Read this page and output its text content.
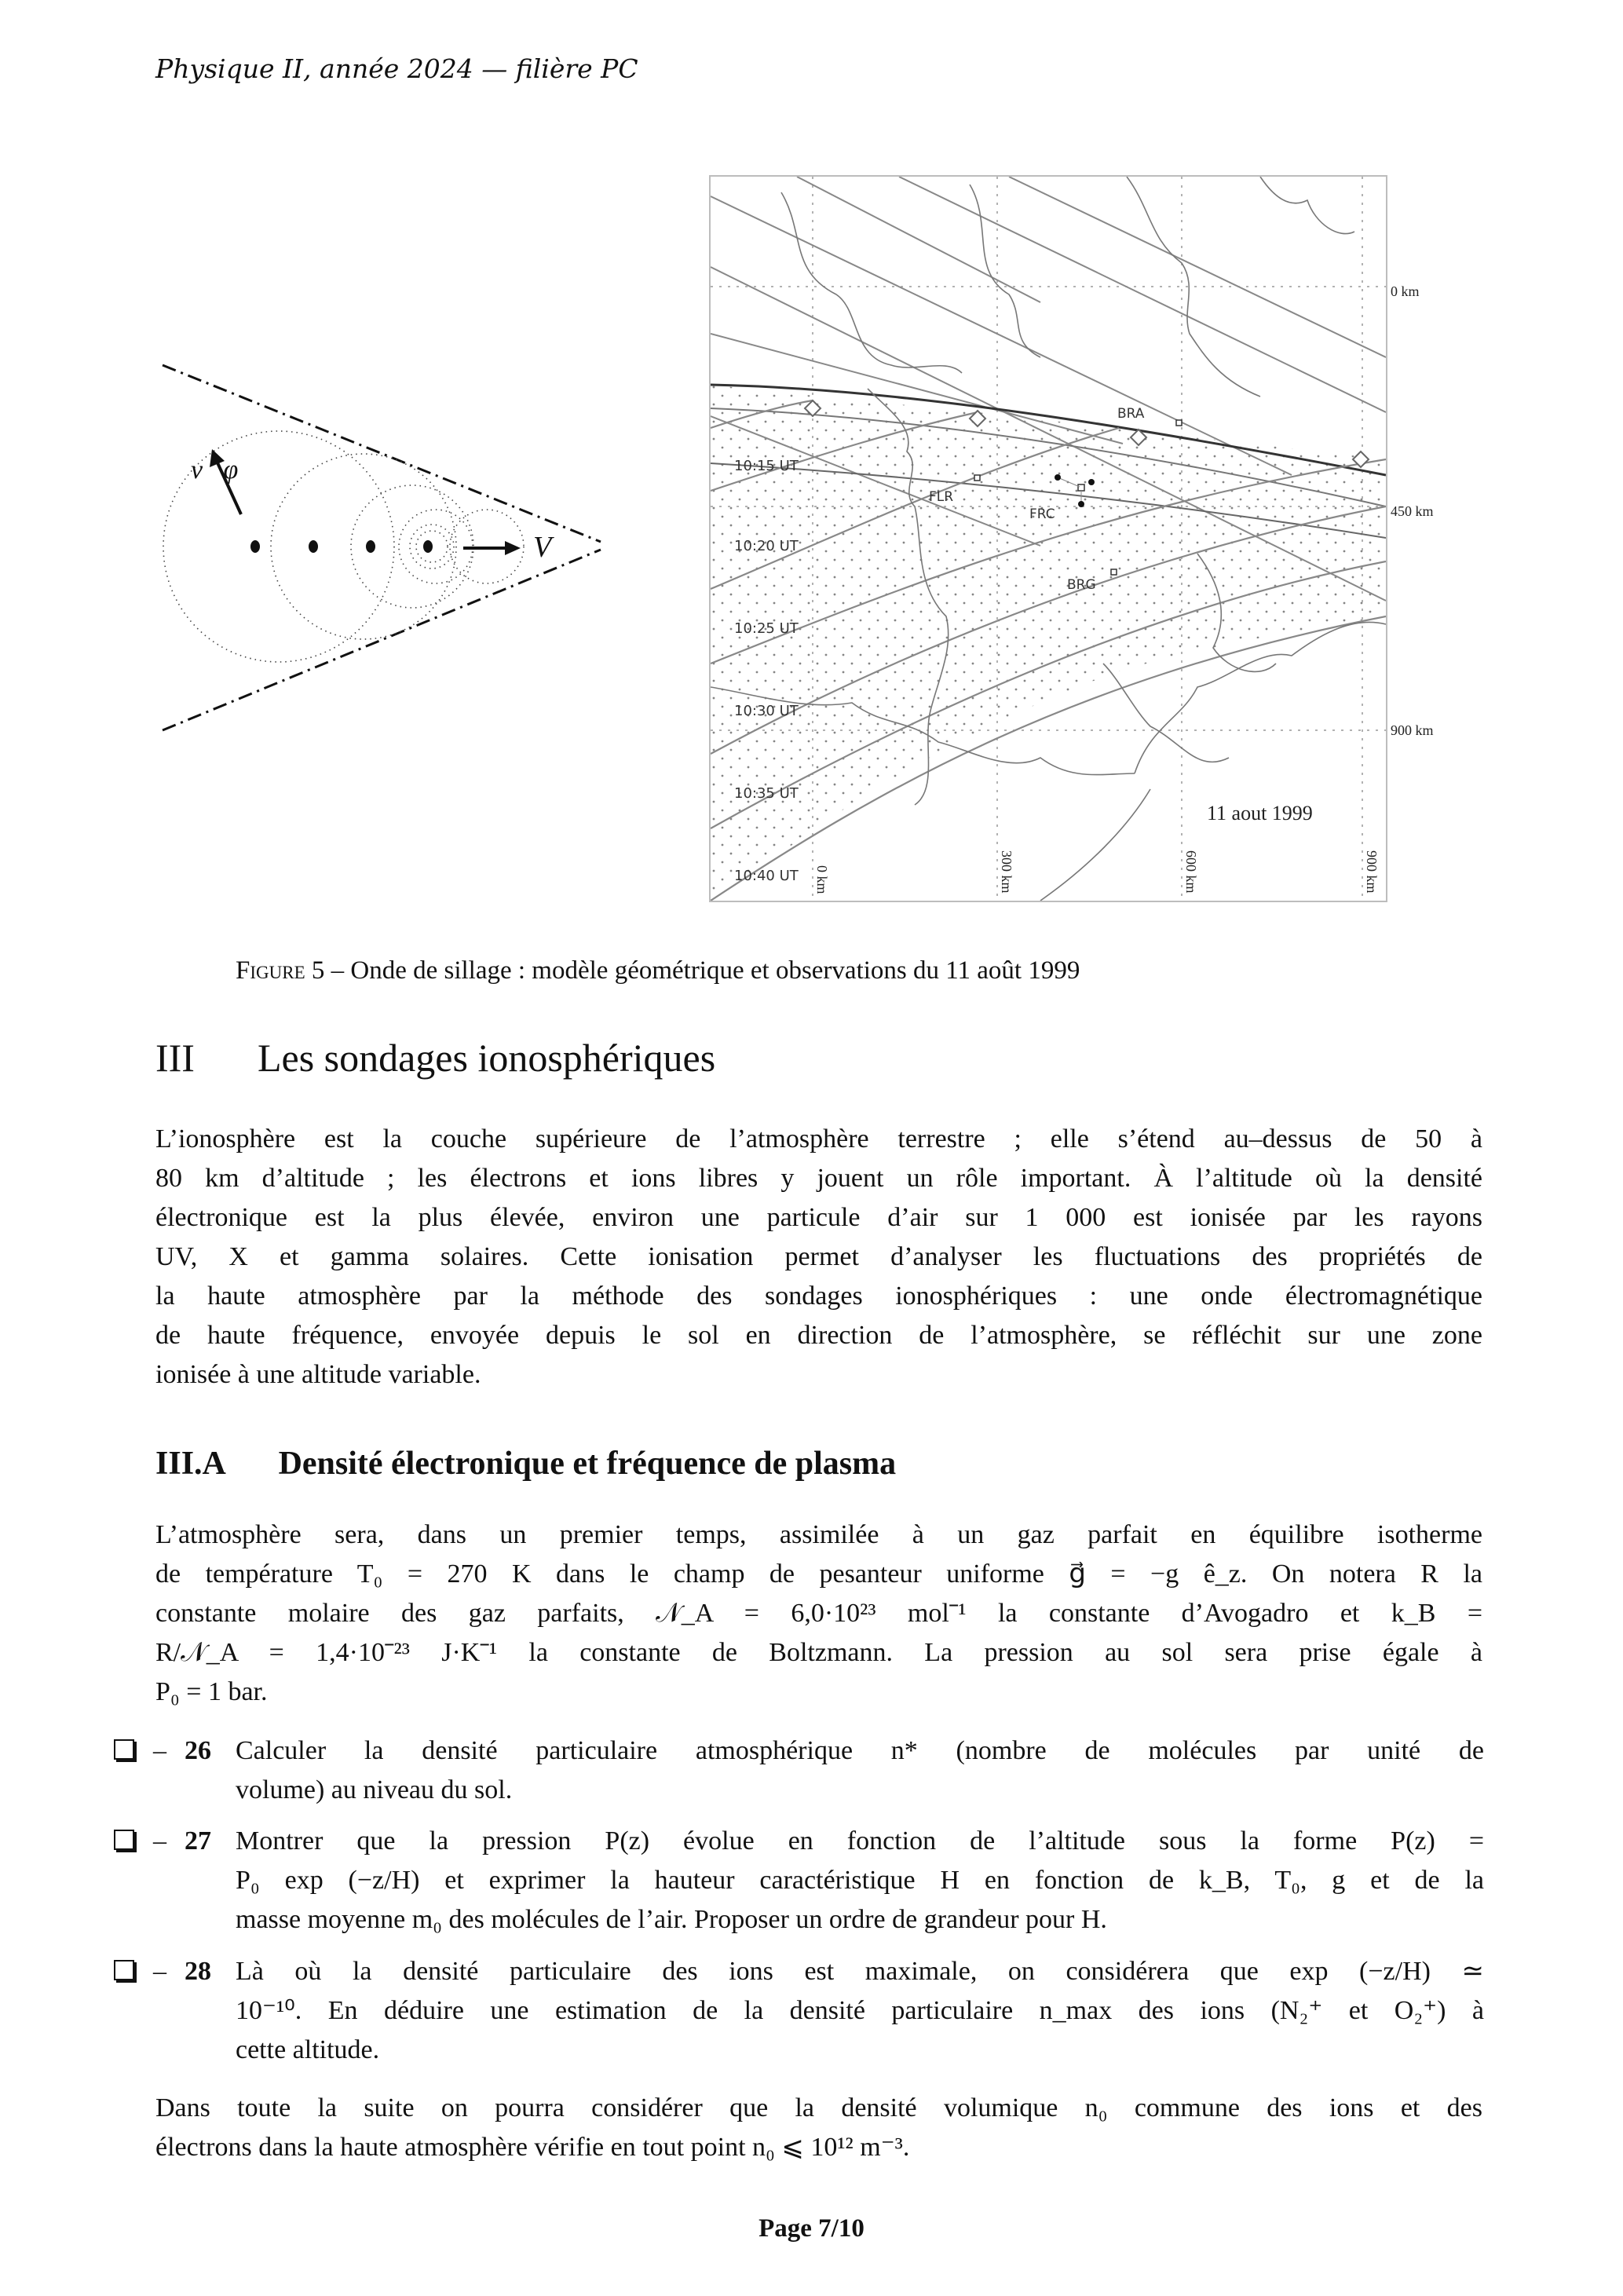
Physique II, année 2024 — filière PC
v⃗φ
V⃗
10:15 UT
10:20 UT
10:25 UT
10:30 UT
10:35 UT
10:40 UT
BRA
FLR
FRC
BRG
11 aout 1999
0 km	300 km	600 km	900 km
0 km
450 km
900 km
Figure 5 – Onde de sillage : modèle géométrique et observations du 11 août 1999
III Les sondages ionosphériques
L’ionosphère est la couche supérieure de l’atmosphère terrestre ; elle s’étend au–dessus de 50 à
80 km d’altitude ; les électrons et ions libres y jouent un rôle important. À l’altitude où la densité
électronique est la plus élevée, environ une particule d’air sur 1 000 est ionisée par les rayons
UV, X et gamma solaires. Cette ionisation permet d’analyser les fluctuations des propriétés de
la haute atmosphère par la méthode des sondages ionosphériques : une onde électromagnétique
de haute fréquence, envoyée depuis le sol en direction de l’atmosphère, se réfléchit sur une zone
ionisée à une altitude variable.
III.A Densité électronique et fréquence de plasma
L’atmosphère sera, dans un premier temps, assimilée à un gaz parfait en équilibre isotherme
de température T₀ = 270 K dans le champ de pesanteur uniforme g⃗ = −g ê_z. On notera R la
constante molaire des gaz parfaits, 𝒩_A = 6,0·10²³ mol⁻¹ la constante d’Avogadro et k_B =
R/𝒩_A = 1,4·10⁻²³ J·K⁻¹ la constante de Boltzmann. La pression au sol sera prise égale à
P₀ = 1 bar.
– 26 Calculer la densité particulaire atmosphérique n* (nombre de molécules par unité de
volume) au niveau du sol.
– 27 Montrer que la pression P(z) évolue en fonction de l’altitude sous la forme P(z) =
P₀ exp (−z/H) et exprimer la hauteur caractéristique H en fonction de k_B, T₀, g et de la
masse moyenne m₀ des molécules de l’air. Proposer un ordre de grandeur pour H.
– 28 Là où la densité particulaire des ions est maximale, on considérera que exp (−z/H) ≃
10⁻¹⁰. En déduire une estimation de la densité particulaire n_max des ions (N₂⁺ et O₂⁺) à
cette altitude.
Dans toute la suite on pourra considérer que la densité volumique n₀ commune des ions et des
électrons dans la haute atmosphère vérifie en tout point n₀ ⩽ 10¹² m⁻³.
Page 7/10
